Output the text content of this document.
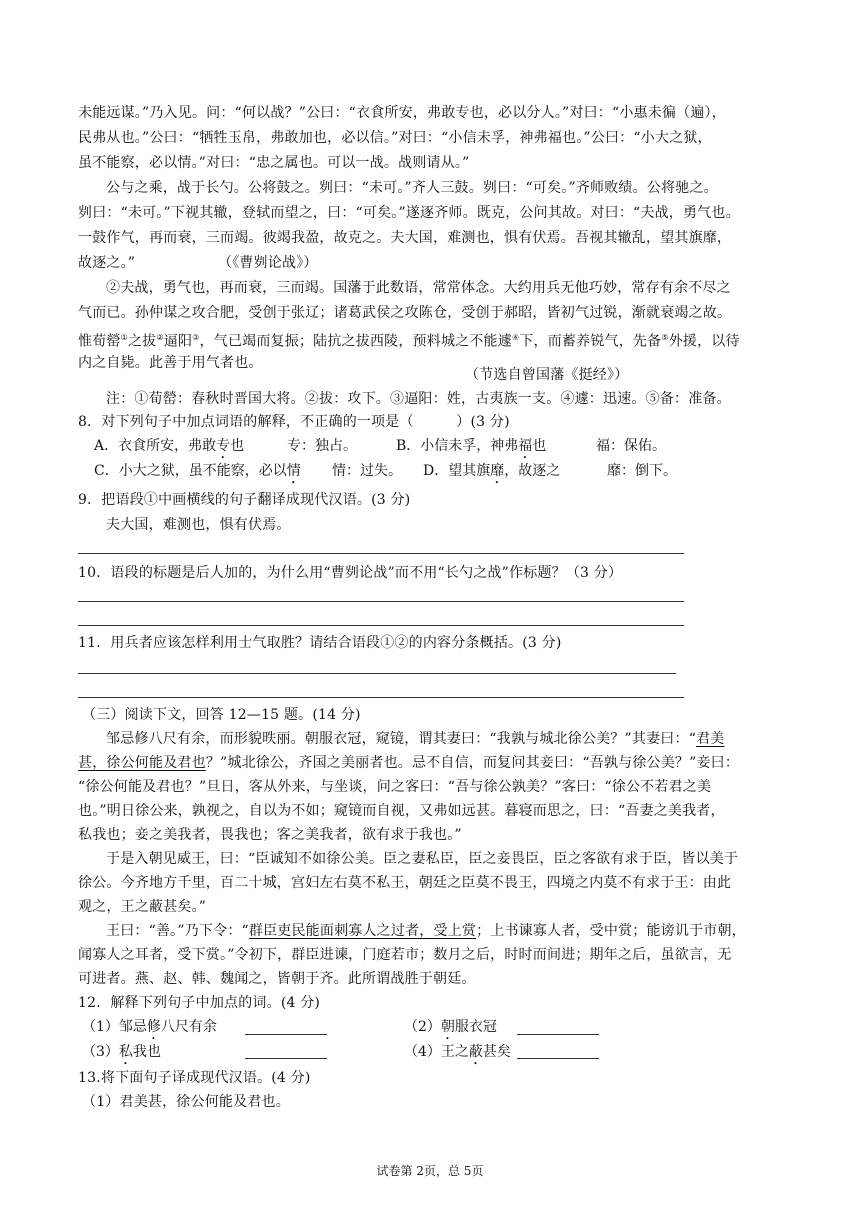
未能远谋。”乃入见。问：“何以战？”公曰：“衣食所安，弗敢专也，必以分人。”对曰：“小惠未徧（遍），
民弗从也。”公曰：“牺牲玉帛，弗敢加也，必以信。”对曰：“小信未孚，神弗福也。”公曰：“小大之狱，
虽不能察，必以情。”对曰：“忠之属也。可以一战。战则请从。”
公与之乘，战于长勺。公将鼓之。刿曰：“未可。”齐人三鼓。刿曰：“可矣。”齐师败绩。公将驰之。
刿曰：“未可。”下视其辙，登轼而望之，曰：“可矣。”遂逐齐师。既克，公问其故。对曰：“夫战，勇气也。
一鼓作气，再而衰，三而竭。彼竭我盈，故克之。夫大国，难测也，惧有伏焉。吾视其辙乱，望其旗靡，
故逐之。”	（《曹刿论战》）
②夫战，勇气也，再而衰，三而竭。国藩于此数语，常常体念。大约用兵无他巧妙，常存有余不尽之
气而已。孙仲谋之攻合肥，受创于张辽；诸葛武侯之攻陈仓，受创于郝昭，皆初气过锐，渐就衰竭之故。
惟荀罃①之拔②逼阳③，气已竭而复振；陆抗之拔西陵，预料城之不能遽④下，而蓄养锐气，先备⑤外援，以待
内之自毙。此善于用气者也。
（节选自曾国藩《挺经》）
注：①荀罃：春秋时晋国大将。②拔：攻下。③逼阳：姓，古夷族一支。④遽：迅速。⑤备：准备。
8．对下列句子中加点词语的解释，不正确的一项是（　　　）(3 分)
A．衣食所安，弗敢专也	专：独占。	B．小信未孚，神弗福也	福：保佑。
C．小大之狱，虽不能察，必以情 情：过失。 D．望其旗靡，故逐之	靡：倒下。
9．把语段①中画横线的句子翻译成现代汉语。(3 分)
夫大国，难测也，惧有伏焉。
10．语段的标题是后人加的，为什么用“曹刿论战”而不用“长勺之战”作标题？（3 分）
11．用兵者应该怎样利用士气取胜？请结合语段①②的内容分条概括。(3 分)
（三）阅读下文，回答 12—15 题。(14 分)
邹忌修八尺有余，而形貌昳丽。朝服衣冠，窥镜，谓其妻曰：“我孰与城北徐公美？”其妻曰：“君美
甚，徐公何能及君也？”城北徐公，齐国之美丽者也。忌不自信，而复问其妾曰：“吾孰与徐公美？”妾曰：
“徐公何能及君也？”旦日，客从外来，与坐谈，问之客曰：“吾与徐公孰美？”客曰：“徐公不若君之美
也。”明日徐公来，孰视之，自以为不如；窥镜而自视，又弗如远甚。暮寝而思之，曰：“吾妻之美我者，
私我也；妾之美我者，畏我也；客之美我者，欲有求于我也。”
于是入朝见威王，曰：“臣诚知不如徐公美。臣之妻私臣，臣之妾畏臣，臣之客欲有求于臣，皆以美于
徐公。今齐地方千里，百二十城，宫妇左右莫不私王，朝廷之臣莫不畏王，四境之内莫不有求于王：由此
观之，王之蔽甚矣。”
王曰：“善。”乃下令：“群臣吏民能面刺寡人之过者，受上赏；上书谏寡人者，受中赏；能谤讥于市朝，
闻寡人之耳者，受下赏。”令初下，群臣进谏，门庭若市；数月之后，时时而间进；期年之后，虽欲言，无
可进者。燕、赵、韩、魏闻之，皆朝于齐。此所谓战胜于朝廷。
12．解释下列句子中加点的词。(4 分)
（1）邹忌修八尺有余	（2）朝服衣冠
（3）私我也	（4）王之蔽甚矣
13.将下面句子译成现代汉语。(4 分)
（1）君美甚，徐公何能及君也。
试卷第 2页，总 5页
